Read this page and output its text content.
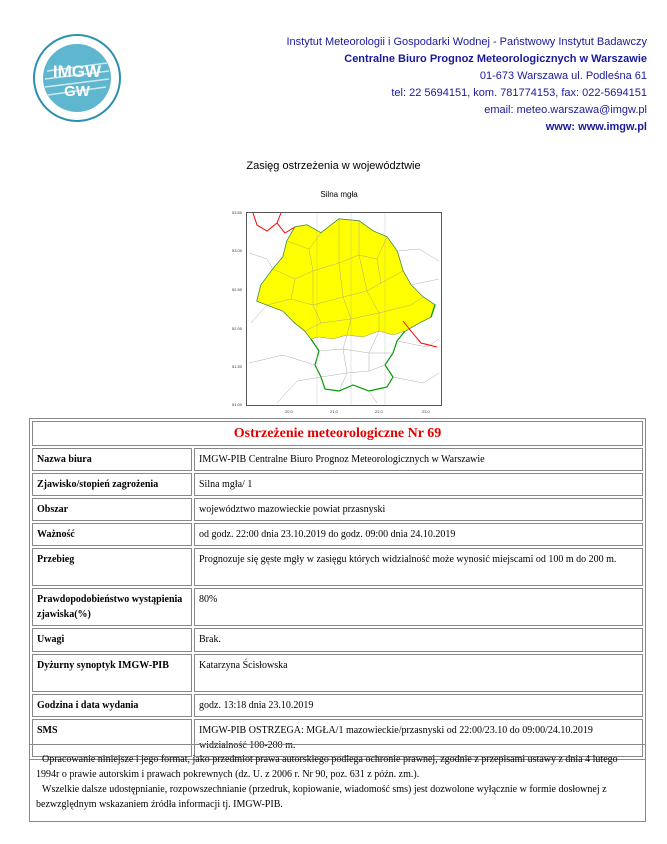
IMGW
GW
Instytut Meteorologii i Gospodarki Wodnej - Państwowy Instytut Badawczy
Centralne Biuro Prognoz Meteorologicznych w Warszawie
01-673 Warszawa ul. Podleśna 61
tel: 22 5694151, kom. 781774153, fax: 022-5694151
email: meteo.warszawa@imgw.pl
www: www.imgw.pl
Zasięg ostrzeżenia w województwie
Silna mgła
53.50
53.00
52.50
52.00
51.50
51.00
20.0	21.0	22.0	23.0
Ostrzeżenie meteorologiczne Nr 69	
Nazwa biura	IMGW-PIB Centralne Biuro Prognoz Meteorologicznych w Warszawie
Zjawisko/stopień zagrożenia	Silna mgła/ 1
Obszar	województwo mazowieckie powiat przasnyski
Ważność	od godz. 22:00 dnia 23.10.2019 do godz. 09:00 dnia 24.10.2019
Przebieg	Prognozuje się gęste mgły w zasięgu których widzialność może wynosić miejscami od 100 m do 200 m.
Prawdopodobieństwo wystąpienia zjawiska(%)	80%
Uwagi	Brak.
Dyżurny synoptyk IMGW-PIB	Katarzyna Ścisłowska
Godzina i data wydania	godz. 13:18 dnia 23.10.2019
SMS	IMGW-PIB OSTRZEGA: MGŁA/1 mazowieckie/przasnyski od 22:00/23.10 do 09:00/24.10.2019 widzialność 100-200 m.

Opracowanie niniejsze i jego format, jako przedmiot prawa autorskiego podlega ochronie prawnej, zgodnie z przepisami ustawy z dnia 4 lutego 1994r o prawie autorskim i prawach pokrewnych (dz. U. z 2006 r. Nr 90, poz. 631 z późn. zm.).

Wszelkie dalsze udostępnianie, rozpowszechnianie (przedruk, kopiowanie, wiadomość sms) jest dozwolone wyłącznie w formie dosłownej z bezwzględnym wskazaniem źródła informacji tj. IMGW-PIB.
